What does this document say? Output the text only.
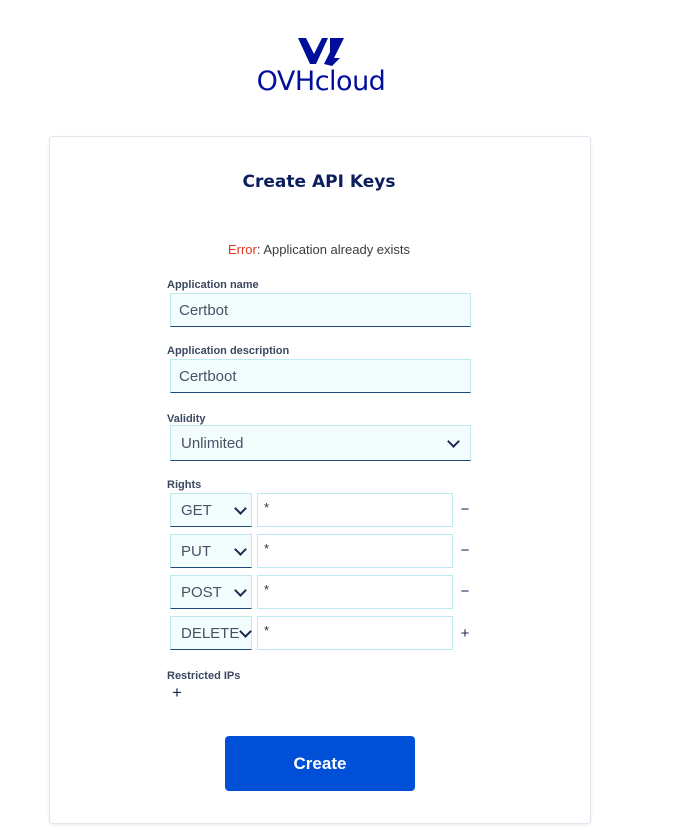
OVHcloud
Create API Keys
Error: Application already exists
Application name
Certbot
Application description
Certboot
Validity
Unlimited
Rights
GET	*	−
PUT	*	−
POST	*	−
DELETE	*	+
Restricted IPs
+
Create
